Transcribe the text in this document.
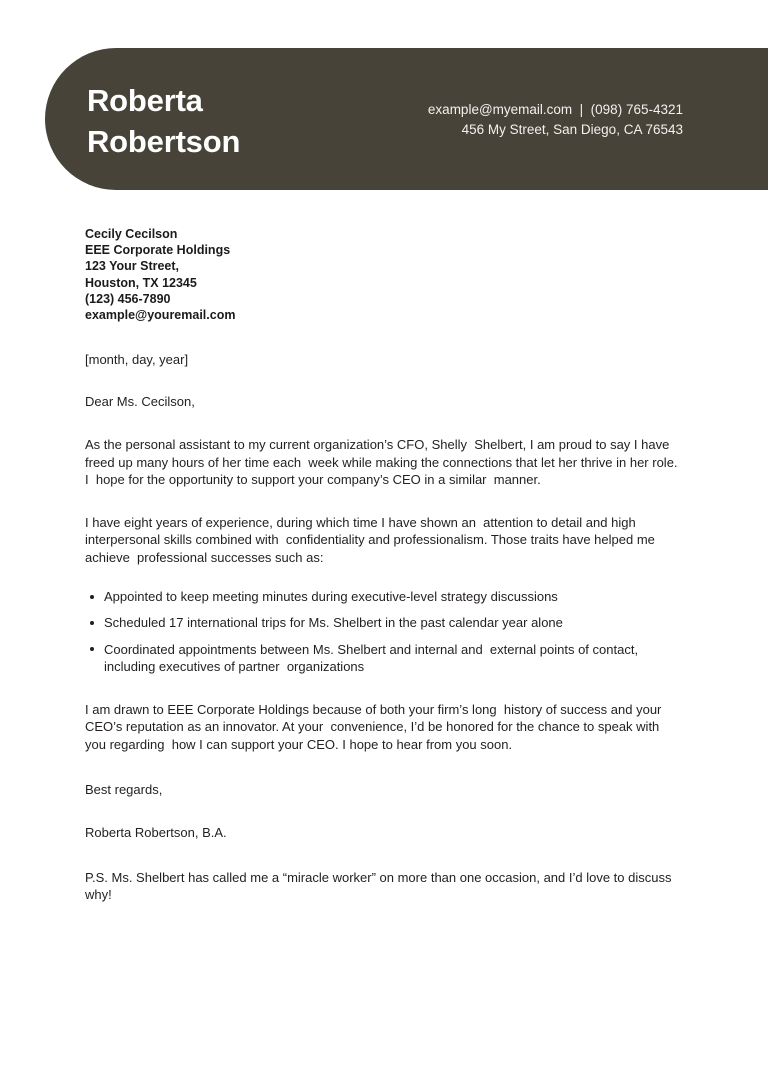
Roberta
Robertson
example@myemail.com  |  (098) 765-4321
456 My Street, San Diego, CA 76543
Cecily Cecilson
EEE Corporate Holdings
123 Your Street,
Houston, TX 12345
(123) 456-7890
example@youremail.com
[month, day, year]
Dear Ms. Cecilson,
As the personal assistant to my current organization’s CFO, Shelly  Shelbert, I am proud to say I have freed up many hours of her time each  week while making the connections that let her thrive in her role. I  hope for the opportunity to support your company’s CEO in a similar  manner.
I have eight years of experience, during which time I have shown an  attention to detail and high interpersonal skills combined with  confidentiality and professionalism. Those traits have helped me achieve  professional successes such as:
Appointed to keep meeting minutes during executive-level strategy discussions
Scheduled 17 international trips for Ms. Shelbert in the past calendar year alone
Coordinated appointments between Ms. Shelbert and internal and  external points of contact, including executives of partner  organizations
I am drawn to EEE Corporate Holdings because of both your firm’s long  history of success and your CEO’s reputation as an innovator. At your  convenience, I’d be honored for the chance to speak with you regarding  how I can support your CEO. I hope to hear from you soon.
Best regards,
Roberta Robertson, B.A.
P.S. Ms. Shelbert has called me a “miracle worker” on more than one occasion, and I’d love to discuss why!
